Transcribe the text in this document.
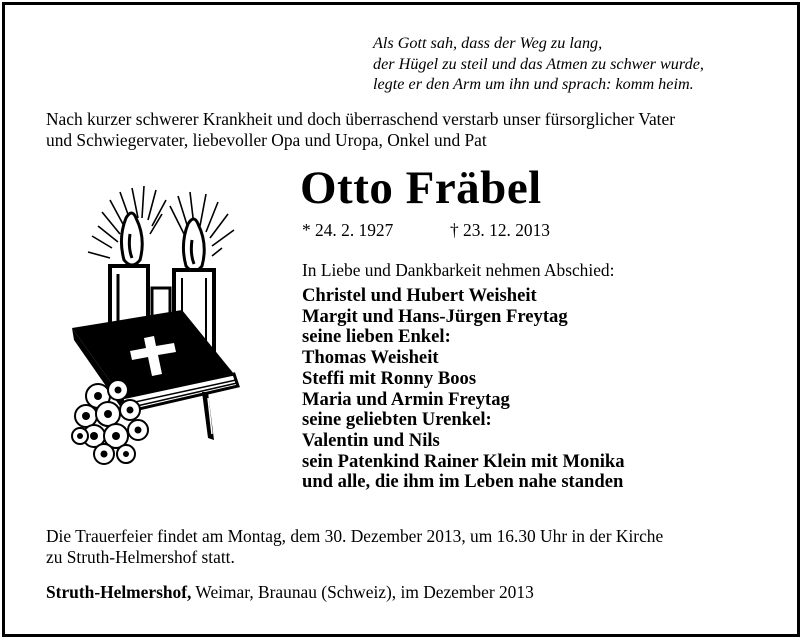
Als Gott sah, dass der Weg zu lang,
der Hügel zu steil und das Atmen zu schwer wurde,
legte er den Arm um ihn und sprach: komm heim.
Nach kurzer schwerer Krankheit und doch überraschend verstarb unser fürsorglicher Vater
und Schwiegervater, liebevoller Opa und Uropa, Onkel und Pat
Otto Fräbel
* 24. 2. 1927	† 23. 12. 2013
In Liebe und Dankbarkeit nehmen Abschied:
Christel und Hubert Weisheit
Margit und Hans-Jürgen Freytag
seine lieben Enkel:
Thomas Weisheit
Steffi mit Ronny Boos
Maria und Armin Freytag
seine geliebten Urenkel:
Valentin und Nils
sein Patenkind Rainer Klein mit Monika
und alle, die ihm im Leben nahe standen
Die Trauerfeier findet am Montag, dem 30. Dezember 2013, um 16.30 Uhr in der Kirche
zu Struth-Helmershof statt.
Struth-Helmershof, Weimar, Braunau (Schweiz), im Dezember 2013
